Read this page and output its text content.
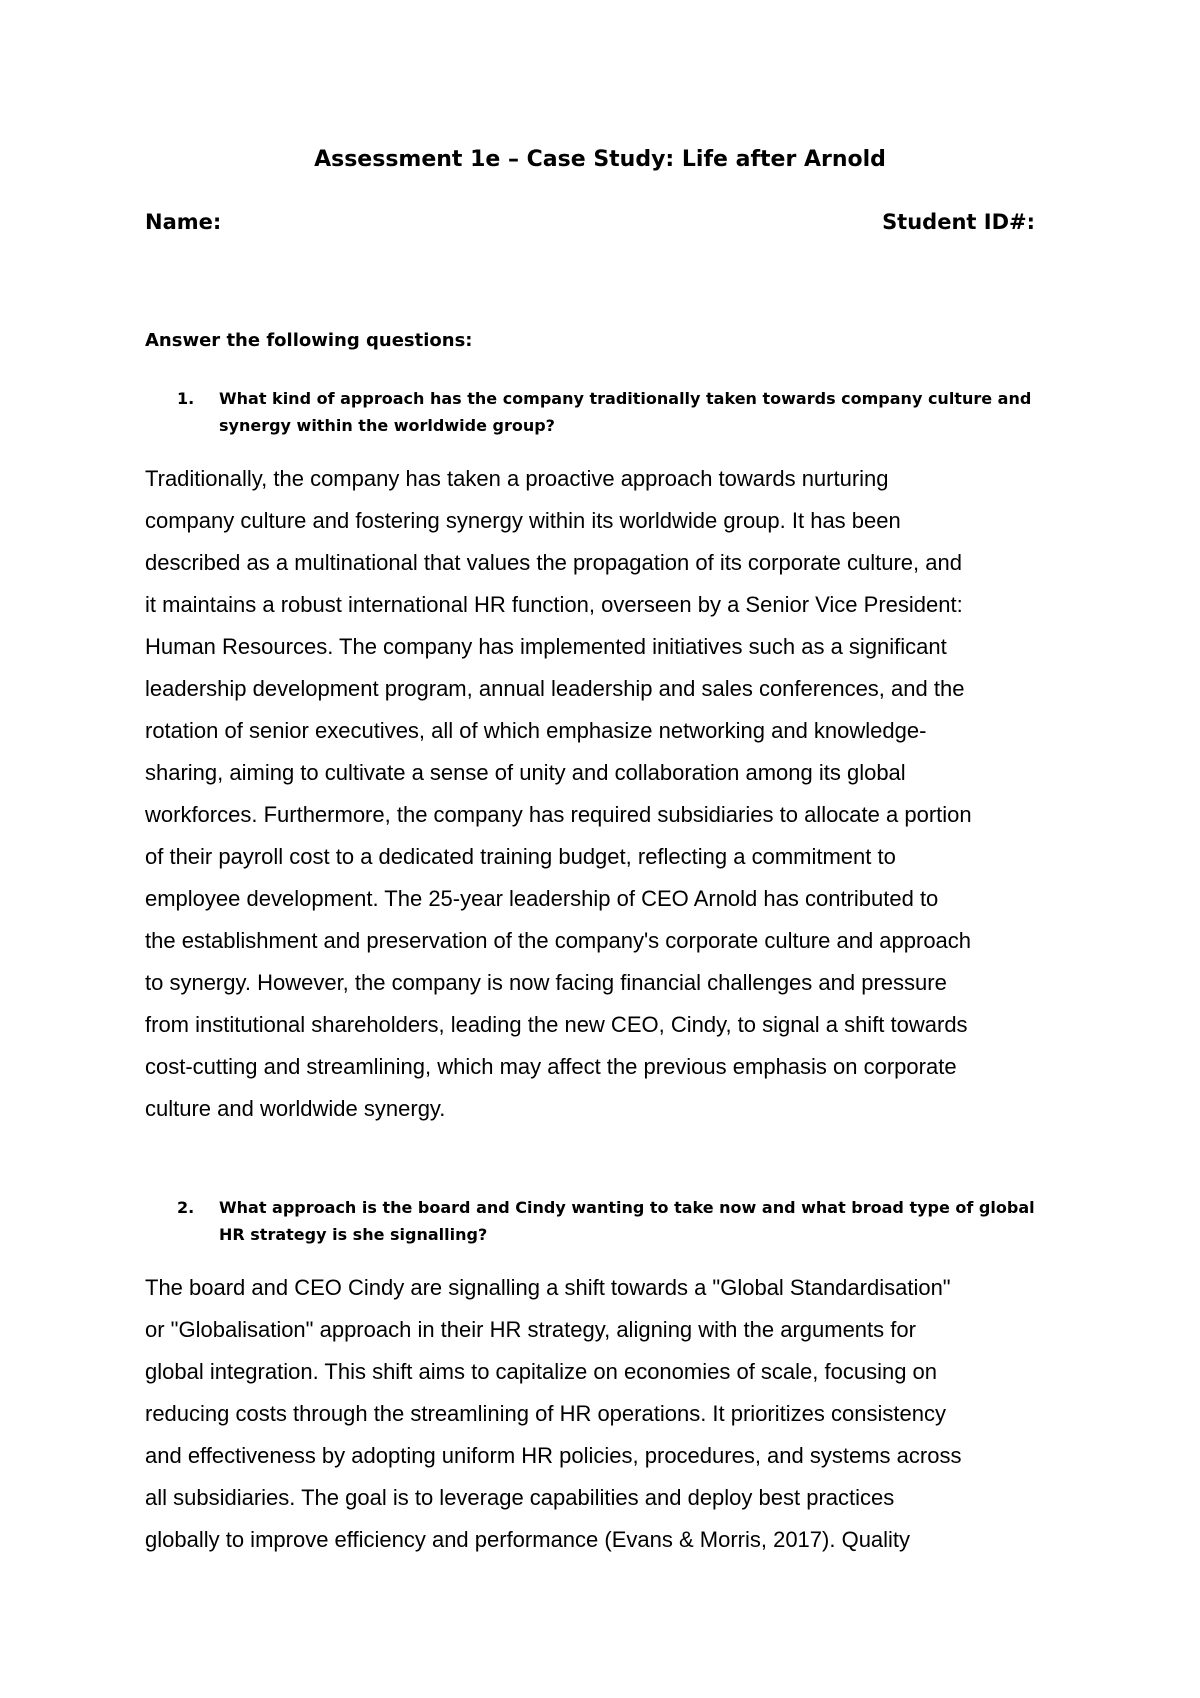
Assessment 1e – Case Study: Life after Arnold
Name:	Student ID#:
Answer the following questions:
1. What kind of approach has the company traditionally taken towards company culture and
synergy within the worldwide group?
Traditionally, the company has taken a proactive approach towards nurturing
company culture and fostering synergy within its worldwide group. It has been
described as a multinational that values the propagation of its corporate culture, and
it maintains a robust international HR function, overseen by a Senior Vice President:
Human Resources. The company has implemented initiatives such as a significant
leadership development program, annual leadership and sales conferences, and the
rotation of senior executives, all of which emphasize networking and knowledge-
sharing, aiming to cultivate a sense of unity and collaboration among its global
workforces. Furthermore, the company has required subsidiaries to allocate a portion
of their payroll cost to a dedicated training budget, reflecting a commitment to
employee development. The 25-year leadership of CEO Arnold has contributed to
the establishment and preservation of the company's corporate culture and approach
to synergy. However, the company is now facing financial challenges and pressure
from institutional shareholders, leading the new CEO, Cindy, to signal a shift towards
cost-cutting and streamlining, which may affect the previous emphasis on corporate
culture and worldwide synergy.
2. What approach is the board and Cindy wanting to take now and what broad type of global
HR strategy is she signalling?
The board and CEO Cindy are signalling a shift towards a "Global Standardisation"
or "Globalisation" approach in their HR strategy, aligning with the arguments for
global integration. This shift aims to capitalize on economies of scale, focusing on
reducing costs through the streamlining of HR operations. It prioritizes consistency
and effectiveness by adopting uniform HR policies, procedures, and systems across
all subsidiaries. The goal is to leverage capabilities and deploy best practices
globally to improve efficiency and performance (Evans & Morris, 2017). Quality
